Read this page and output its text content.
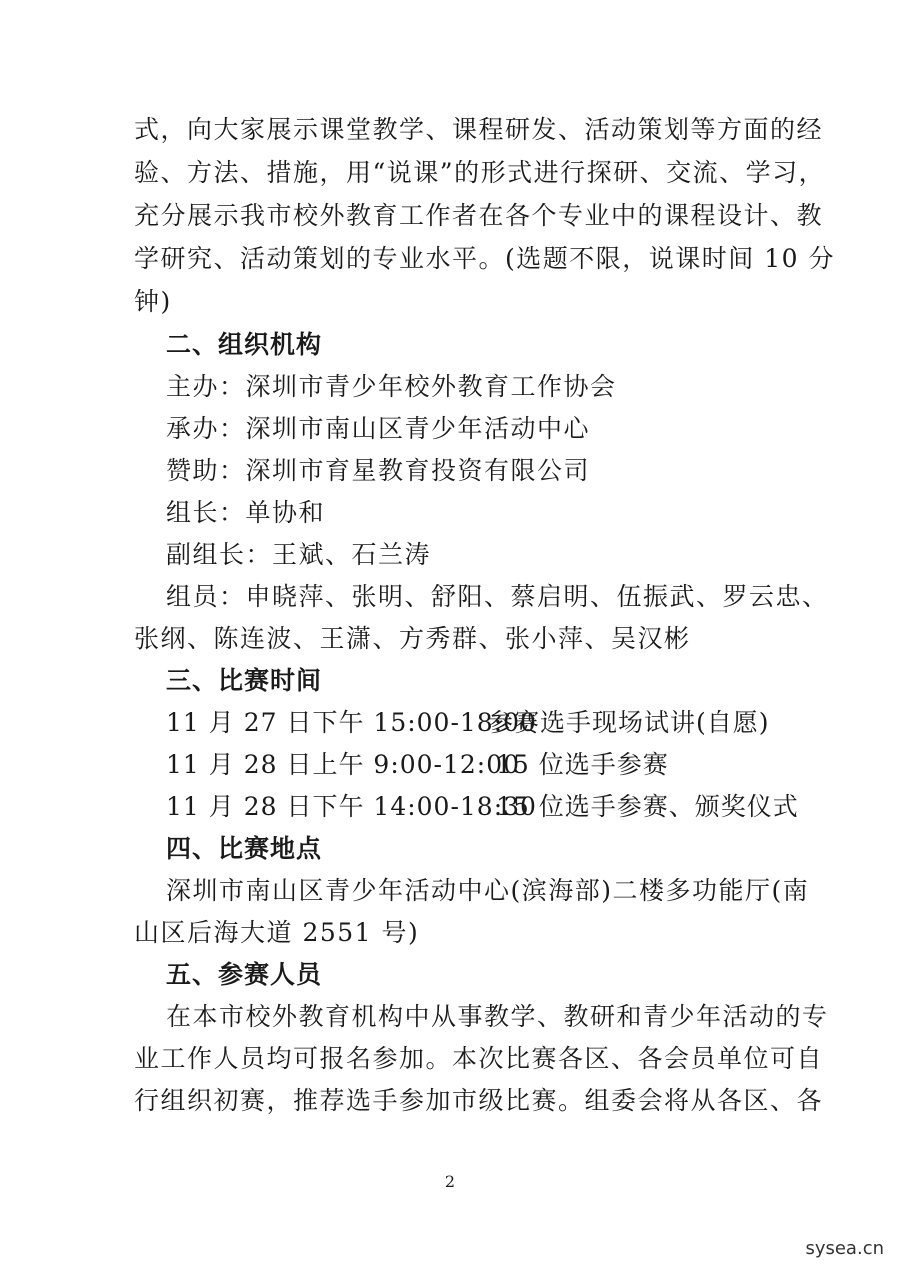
式，向大家展示课堂教学、课程研发、活动策划等方面的经
验、方法、措施，用“说课”的形式进行探研、交流、学习，
充分展示我市校外教育工作者在各个专业中的课程设计、教
学研究、活动策划的专业水平。(选题不限，说课时间 10 分
钟)
二、组织机构
主办：深圳市青少年校外教育工作协会
承办：深圳市南山区青少年活动中心
赞助：深圳市育星教育投资有限公司
组长：单协和
副组长：王斌、石兰涛
组员：申晓萍、张明、舒阳、蔡启明、伍振武、罗云忠、
张纲、陈连波、王潇、方秀群、张小萍、吴汉彬
三、比赛时间
11 月 27 日下午 15:00-18:00
参赛选手现场试讲(自愿)
11 月 28 日上午 9:00-12:00
15 位选手参赛
11 月 28 日下午 14:00-18:30
15 位选手参赛、颁奖仪式
四、比赛地点
深圳市南山区青少年活动中心(滨海部)二楼多功能厅(南
山区后海大道 2551 号)
五、参赛人员
在本市校外教育机构中从事教学、教研和青少年活动的专
业工作人员均可报名参加。本次比赛各区、各会员单位可自
行组织初赛，推荐选手参加市级比赛。组委会将从各区、各
2
sysea.cn
